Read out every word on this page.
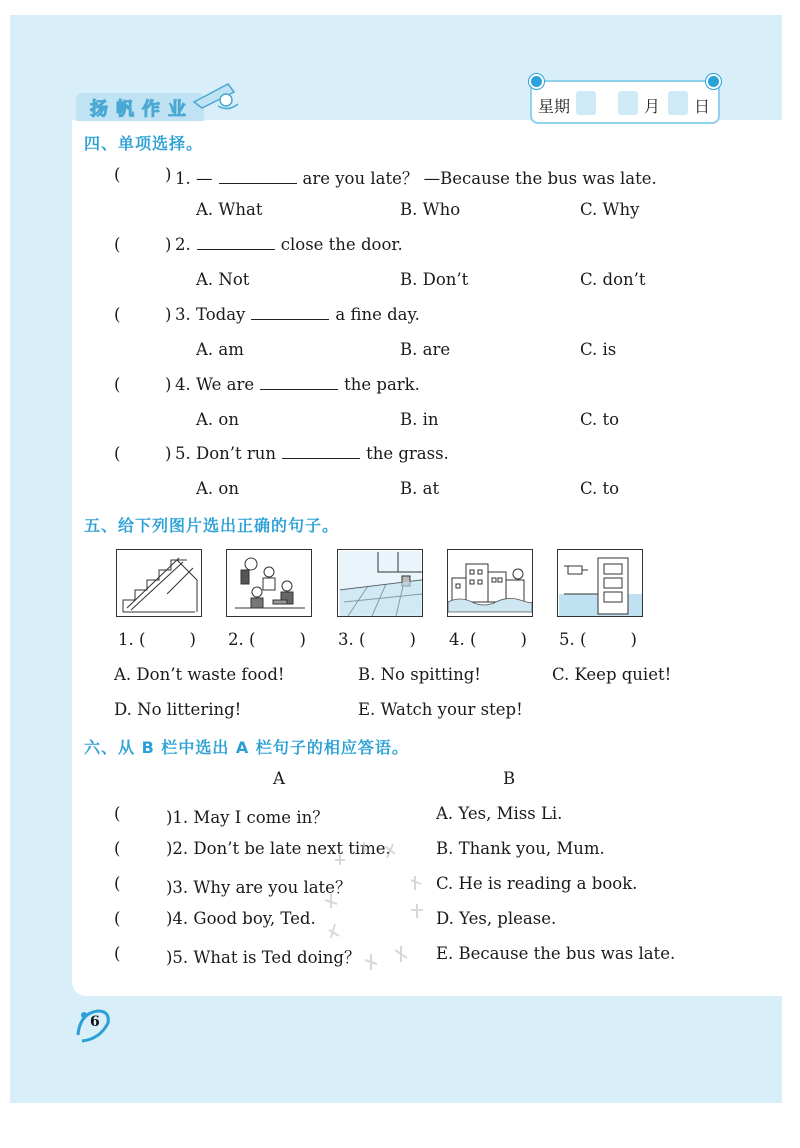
扬帆作业	星期	月 日
四、单项选择。
(	) 1. —	are you late？ —Because the bus was late.
A. What	B. Who	C. Why
(	) 2.	close the door.
A. Not	B. Don’t	C. don’t
(	) 3. Today	a fine day.
A. am	B. are	C. is
(	) 4. We are	the park.
A. on	B. in	C. to
(	) 5. Don’t run	the grass.
A. on	B. at	C. to
五、给下列图片选出正确的句子。
1. (	) 2. (	) 3. (	) 4. (	) 5. (	)
A. Don’t waste food!	B. No spitting!	C. Keep quiet!
D. No littering!	E. Watch your step!
六、从 B 栏中选出 A 栏句子的相应答语。
A	B
(	)1. May I come in？	A. Yes, Miss Li.
(	)2. Don’t be late next time.	B. Thank you, Mum.
(	)3. Why are you late？	C. He is reading a book.
(	)4. Good boy, Ted.	D. Yes, please.
(	)5. What is Ted doing？	E. Because the bus was late.
6
